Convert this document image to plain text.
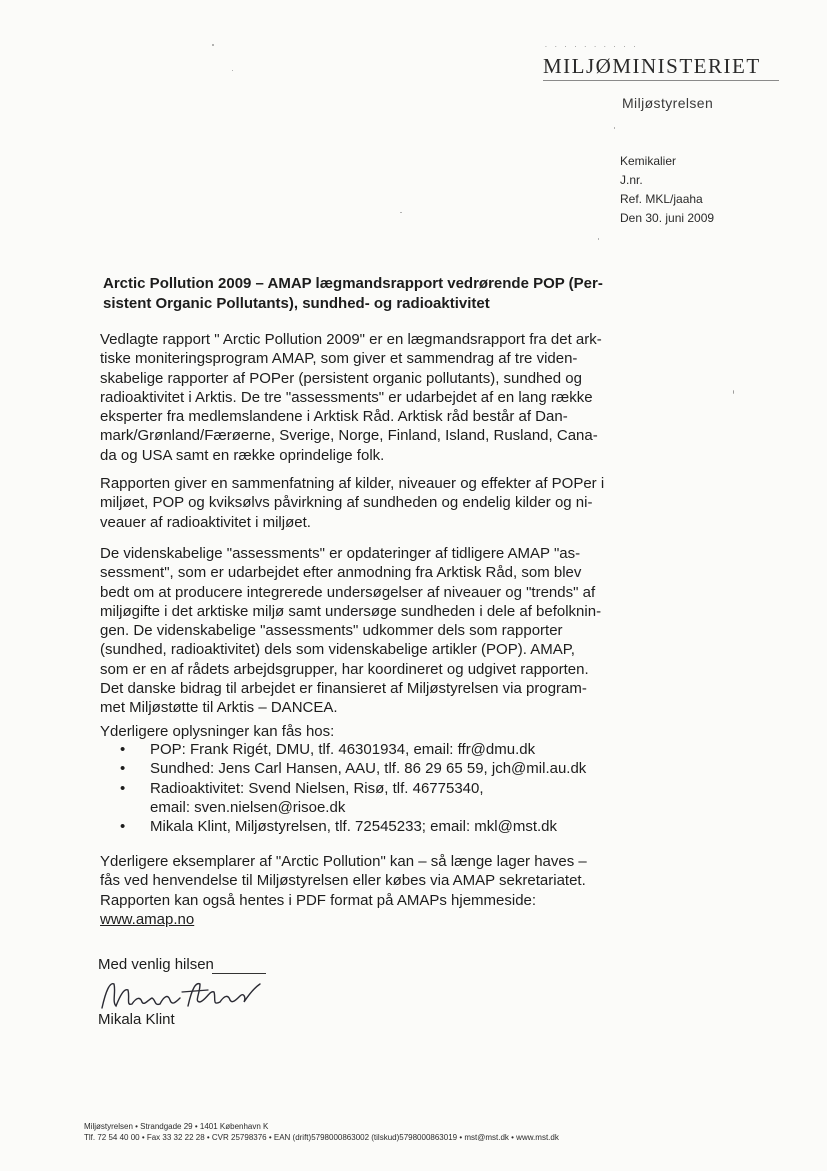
· · · · · · · · · ·
MILJØMINISTERIET
Miljøstyrelsen
Kemikalier
J.nr.
Ref. MKL/jaaha
Den 30. juni 2009
Arctic Pollution 2009 – AMAP lægmandsrapport vedrørende POP (Per-
sistent Organic Pollutants), sundhed- og radioaktivitet
Vedlagte rapport " Arctic Pollution 2009" er en lægmandsrapport fra det ark-
tiske moniteringsprogram AMAP, som giver et sammendrag af tre viden-
skabelige rapporter af POPer (persistent organic pollutants), sundhed og
radioaktivitet i Arktis. De tre "assessments" er udarbejdet af en lang række
eksperter fra medlemslandene i Arktisk Råd. Arktisk råd består af Dan-
mark/Grønland/Færøerne, Sverige, Norge, Finland, Island, Rusland, Cana-
da og USA samt en række oprindelige folk.
Rapporten giver en sammenfatning af kilder, niveauer og effekter af POPer i
miljøet, POP og kviksølvs påvirkning af sundheden og endelig kilder og ni-
veauer af radioaktivitet i miljøet.
De videnskabelige "assessments" er opdateringer af tidligere AMAP "as-
sessment", som er udarbejdet efter anmodning fra Arktisk Råd, som blev
bedt om at producere integrerede undersøgelser af niveauer og "trends" af
miljøgifte i det arktiske miljø samt undersøge sundheden i dele af befolknin-
gen. De videnskabelige "assessments" udkommer dels som rapporter
(sundhed, radioaktivitet) dels som videnskabelige artikler (POP). AMAP,
som er en af rådets arbejdsgrupper, har koordineret og udgivet rapporten.
Det danske bidrag til arbejdet er finansieret af Miljøstyrelsen via program-
met Miljøstøtte til Arktis – DANCEA.
Yderligere oplysninger kan fås hos:
• POP: Frank Rigét, DMU, tlf. 46301934, email: ffr@dmu.dk
• Sundhed: Jens Carl Hansen, AAU, tlf. 86 29 65 59, jch@mil.au.dk
• Radioaktivitet: Svend Nielsen, Risø, tlf. 46775340,
email: sven.nielsen@risoe.dk
• Mikala Klint, Miljøstyrelsen, tlf. 72545233; email: mkl@mst.dk
Yderligere eksemplarer af "Arctic Pollution" kan – så længe lager haves –
fås ved henvendelse til Miljøstyrelsen eller købes via AMAP sekretariatet.
Rapporten kan også hentes i PDF format på AMAPs hjemmeside:
www.amap.no
Med venlig hilsen
Mikala Klint
Miljøstyrelsen • Strandgade 29 • 1401 København K
Tlf. 72 54 40 00 • Fax 33 32 22 28 • CVR 25798376 • EAN (drift)5798000863002 (tilskud)5798000863019 • mst@mst.dk • www.mst.dk
